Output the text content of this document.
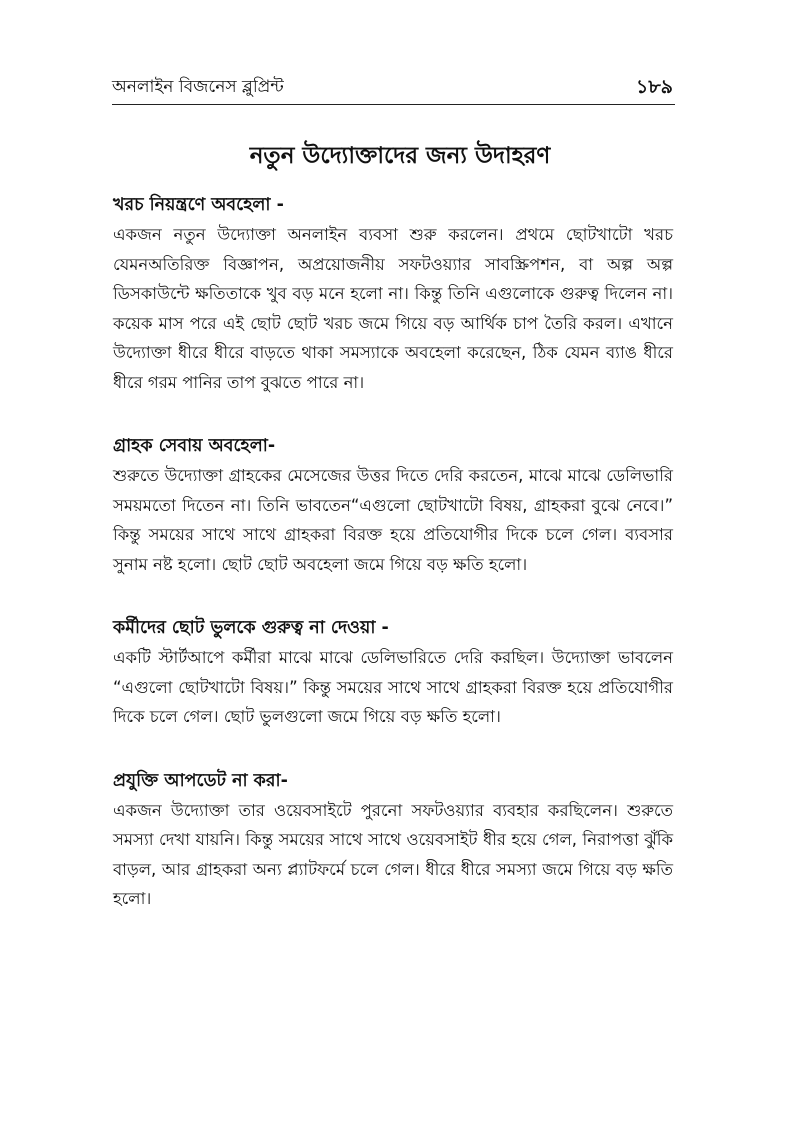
অনলাইন বিজনেস ব্লুপ্রিন্ট	১৮৯
নতুন উদ্যোক্তাদের জন্য উদাহরণ
খরচ নিয়ন্ত্রণে অবহেলা -

একজন নতুন উদ্যোক্তা অনলাইন ব্যবসা শুরু করলেন। প্রথমে ছোটখাটো খরচ যেমনঅতিরিক্ত বিজ্ঞাপন, অপ্রয়োজনীয় সফটওয়্যার সাবস্ক্রিপশন, বা অল্প অল্প ডিসকাউন্টে ক্ষতিতাকে খুব বড় মনে হলো না। কিন্তু তিনি এগুলোকে গুরুত্ব দিলেন না। কয়েক মাস পরে এই ছোট ছোট খরচ জমে গিয়ে বড় আর্থিক চাপ তৈরি করল। এখানে উদ্যোক্তা ধীরে ধীরে বাড়তে থাকা সমস্যাকে অবহেলা করেছেন, ঠিক যেমন ব্যাঙ ধীরে ধীরে গরম পানির তাপ বুঝতে পারে না।

গ্রাহক সেবায় অবহেলা-

শুরুতে উদ্যোক্তা গ্রাহকের মেসেজের উত্তর দিতে দেরি করতেন, মাঝে মাঝে ডেলিভারি সময়মতো দিতেন না। তিনি ভাবতেন“এগুলো ছোটখাটো বিষয়, গ্রাহকরা বুঝে নেবে।” কিন্তু সময়ের সাথে সাথে গ্রাহকরা বিরক্ত হয়ে প্রতিযোগীর দিকে চলে গেল। ব্যবসার সুনাম নষ্ট হলো। ছোট ছোট অবহেলা জমে গিয়ে বড় ক্ষতি হলো।

কর্মীদের ছোট ভুলকে গুরুত্ব না দেওয়া -

একটি স্টার্টআপে কর্মীরা মাঝে মাঝে ডেলিভারিতে দেরি করছিল। উদ্যোক্তা ভাবলেন “এগুলো ছোটখাটো বিষয়।” কিন্তু সময়ের সাথে সাথে গ্রাহকরা বিরক্ত হয়ে প্রতিযোগীর দিকে চলে গেল। ছোট ভুলগুলো জমে গিয়ে বড় ক্ষতি হলো।

প্রযুক্তি আপডেট না করা-

একজন উদ্যোক্তা তার ওয়েবসাইটে পুরনো সফটওয়্যার ব্যবহার করছিলেন। শুরুতে সমস্যা দেখা যায়নি। কিন্তু সময়ের সাথে সাথে ওয়েবসাইট ধীর হয়ে গেল, নিরাপত্তা ঝুঁকি বাড়ল, আর গ্রাহকরা অন্য প্ল্যাটফর্মে চলে গেল। ধীরে ধীরে সমস্যা জমে গিয়ে বড় ক্ষতি হলো।
